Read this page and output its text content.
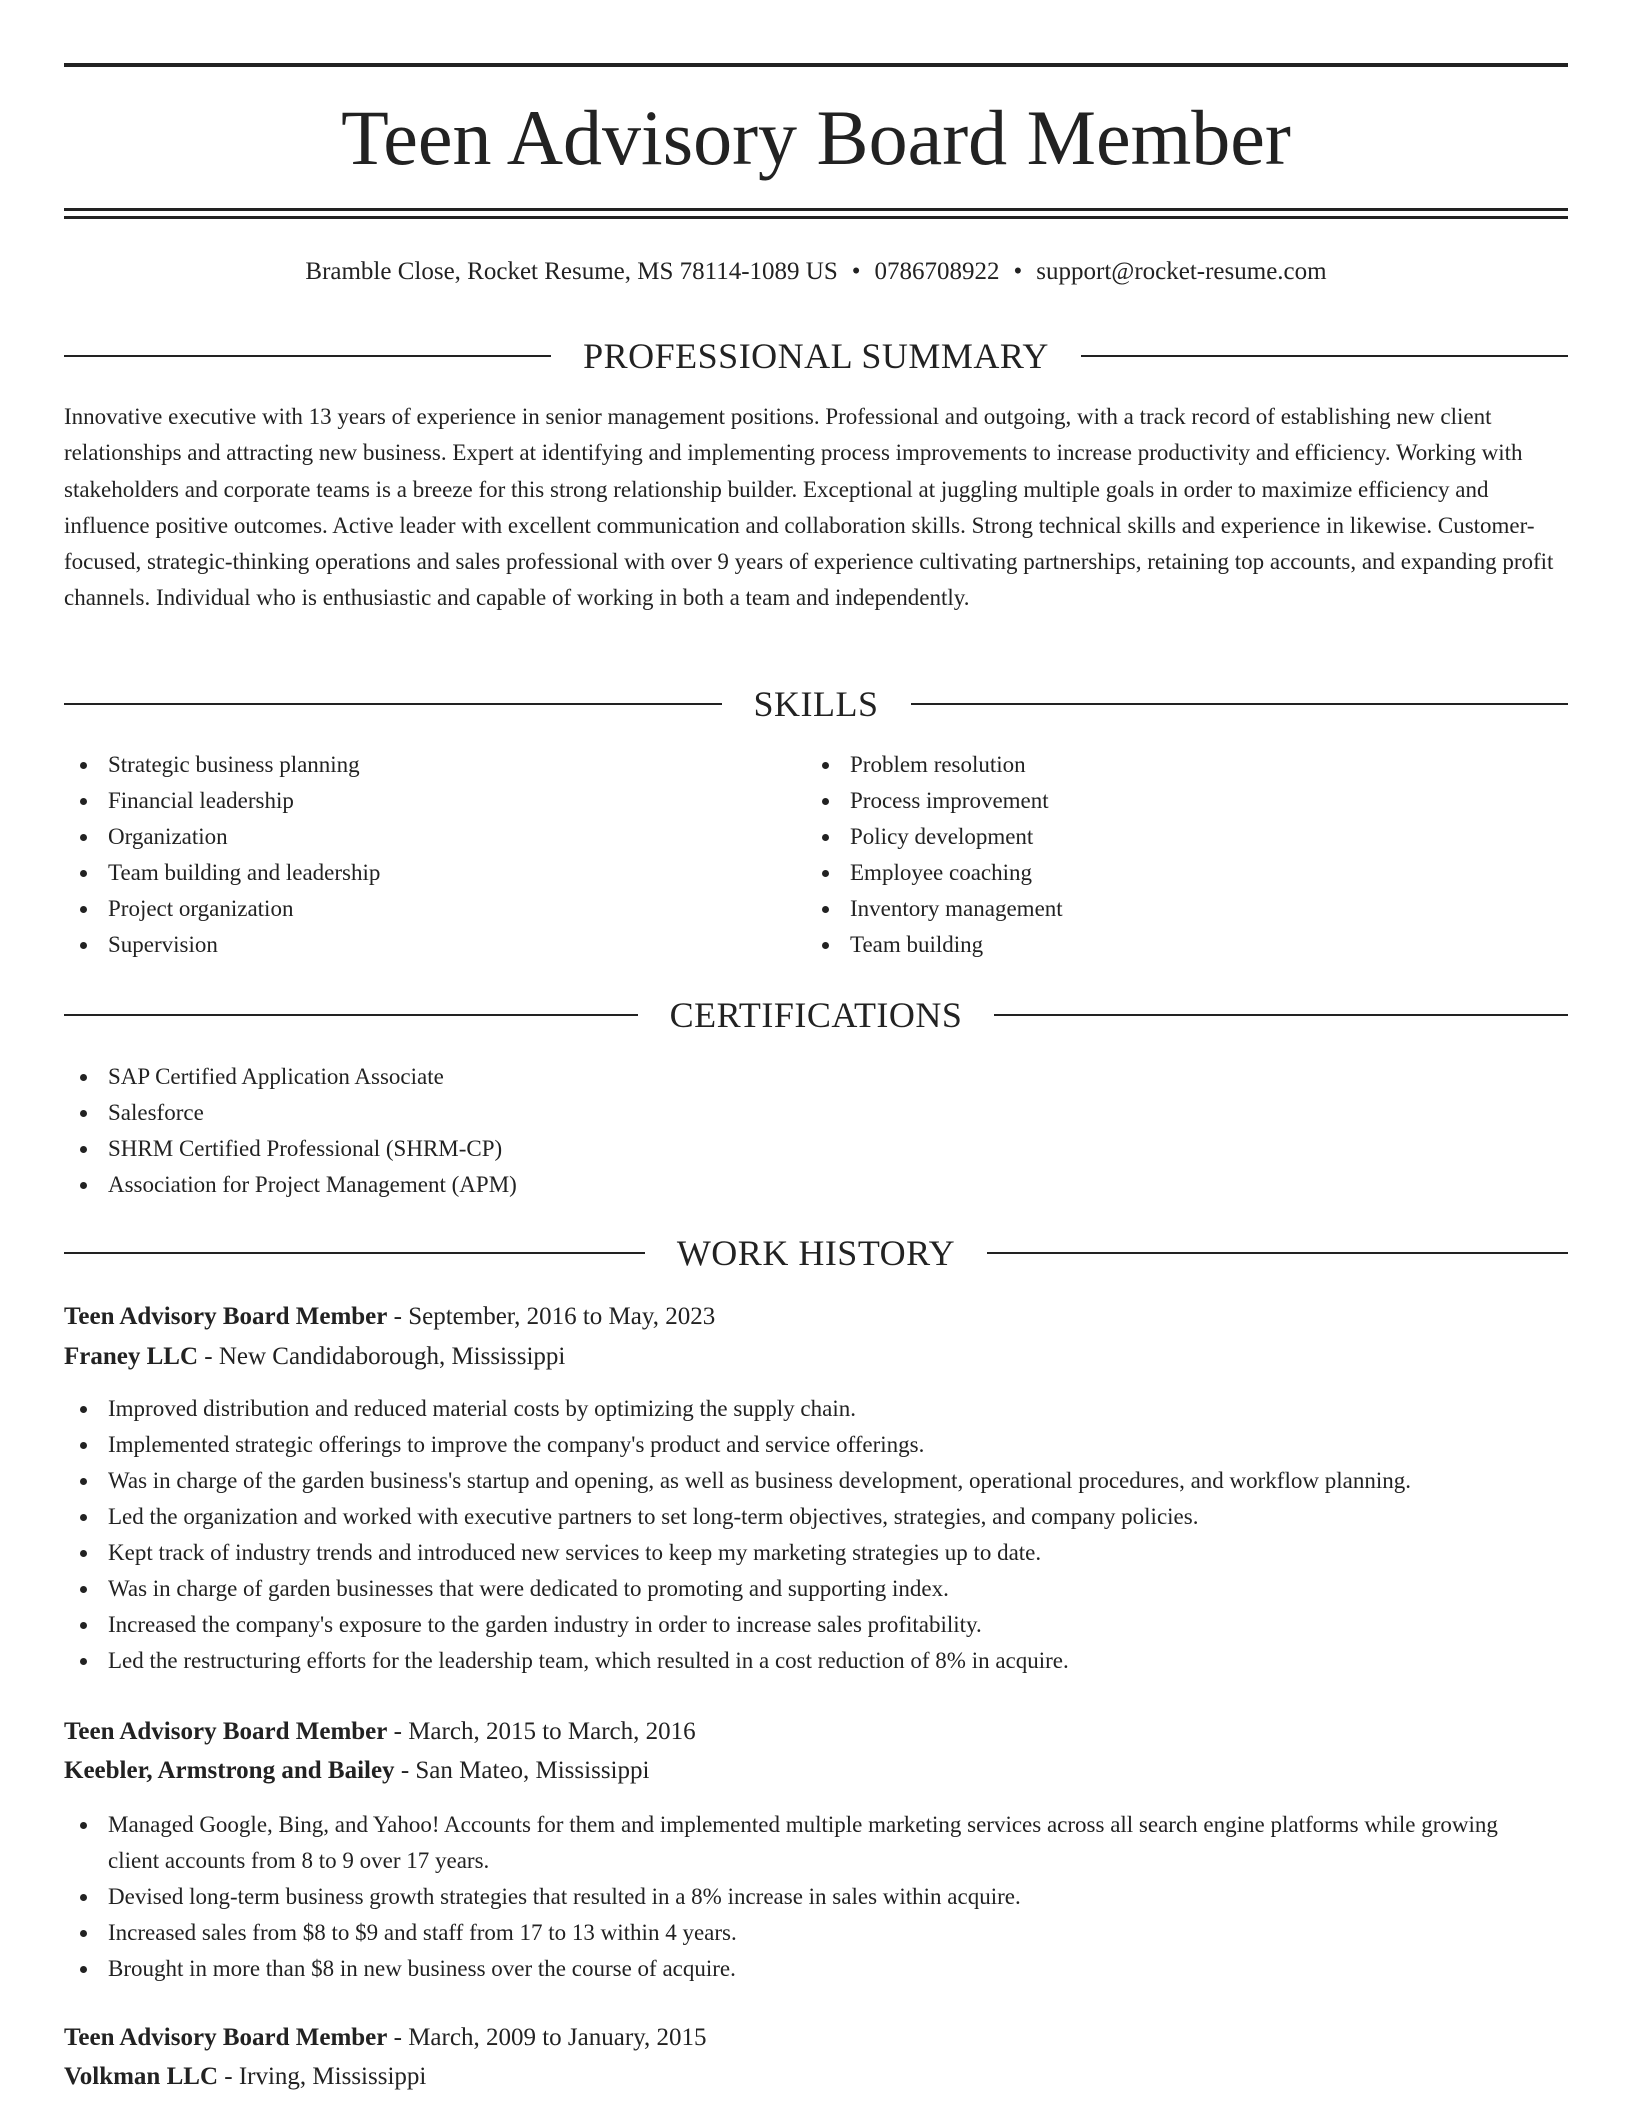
Teen Advisory Board Member
Bramble Close, Rocket Resume, MS 78114-1089 US • 0786708922 • support@rocket-resume.com
PROFESSIONAL SUMMARY
Innovative executive with 13 years of experience in senior management positions. Professional and outgoing, with a track record of establishing new client relationships and attracting new business. Expert at identifying and implementing process improvements to increase productivity and efficiency. Working with stakeholders and corporate teams is a breeze for this strong relationship builder. Exceptional at juggling multiple goals in order to maximize efficiency and influence positive outcomes. Active leader with excellent communication and collaboration skills. Strong technical skills and experience in likewise. Customer-focused, strategic-thinking operations and sales professional with over 9 years of experience cultivating partnerships, retaining top accounts, and expanding profit channels. Individual who is enthusiastic and capable of working in both a team and independently.
SKILLS
Strategic business planning
Financial leadership
Organization
Team building and leadership
Project organization
Supervision
Problem resolution
Process improvement
Policy development
Employee coaching
Inventory management
Team building
CERTIFICATIONS
SAP Certified Application Associate
Salesforce
SHRM Certified Professional (SHRM-CP)
Association for Project Management (APM)
WORK HISTORY
Teen Advisory Board Member - September, 2016 to May, 2023
Franey LLC - New Candidaborough, Mississippi
Improved distribution and reduced material costs by optimizing the supply chain.
Implemented strategic offerings to improve the company's product and service offerings.
Was in charge of the garden business's startup and opening, as well as business development, operational procedures, and workflow planning.
Led the organization and worked with executive partners to set long-term objectives, strategies, and company policies.
Kept track of industry trends and introduced new services to keep my marketing strategies up to date.
Was in charge of garden businesses that were dedicated to promoting and supporting index.
Increased the company's exposure to the garden industry in order to increase sales profitability.
Led the restructuring efforts for the leadership team, which resulted in a cost reduction of 8% in acquire.
Teen Advisory Board Member - March, 2015 to March, 2016
Keebler, Armstrong and Bailey - San Mateo, Mississippi
Managed Google, Bing, and Yahoo! Accounts for them and implemented multiple marketing services across all search engine platforms while growing client accounts from 8 to 9 over 17 years.
Devised long-term business growth strategies that resulted in a 8% increase in sales within acquire.
Increased sales from $8 to $9 and staff from 17 to 13 within 4 years.
Brought in more than $8 in new business over the course of acquire.
Teen Advisory Board Member - March, 2009 to January, 2015
Volkman LLC - Irving, Mississippi
